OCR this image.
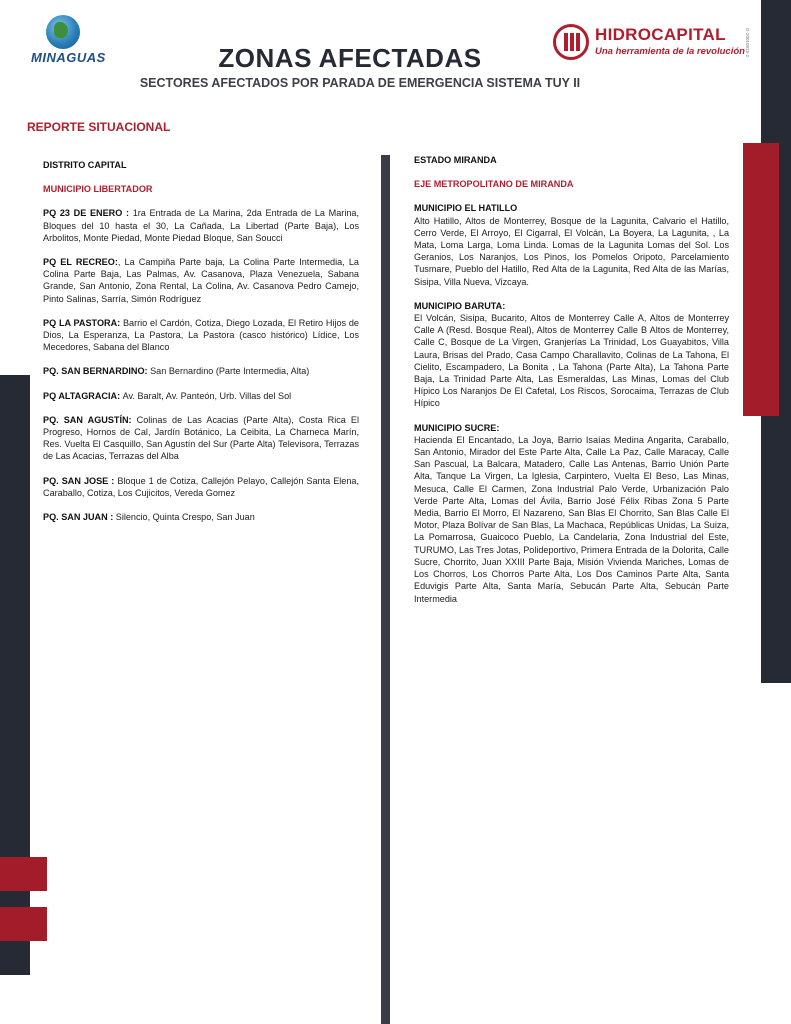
MINAGUAS
HIDROCAPITAL
Una herramienta de la revolución G-20010915-2
ZONAS AFECTADAS
SECTORES AFECTADOS POR PARADA DE EMERGENCIA SISTEMA TUY II
REPORTE SITUACIONAL
DISTRITO CAPITAL
MUNICIPIO LIBERTADOR
PQ 23 DE ENERO : 1ra Entrada de La Marina, 2da Entrada de La Marina, Bloques del 10 hasta el 30, La Cañada, La Libertad (Parte Baja), Los Arbolitos, Monte Piedad, Monte Piedad Bloque, San Soucci
PQ EL RECREO:, La Campiña Parte baja, La Colina Parte Intermedia, La Colina Parte Baja, Las Palmas, Av. Casanova, Plaza Venezuela, Sabana Grande, San Antonio, Zona Rental, La Colina, Av. Casanova Pedro Camejo, Pinto Salinas, Sarría, Simón Rodríguez
PQ LA PASTORA: Barrio el Cardón, Cotiza, Diego Lozada, El Retiro Hijos de Dios, La Esperanza, La Pastora, La Pastora (casco histórico) Lídice, Los Mecedores, Sabana del Blanco
PQ. SAN BERNARDINO: San Bernardino (Parte Intermedia, Alta)
PQ ALTAGRACIA: Av. Baralt, Av. Panteón, Urb. Villas del Sol
PQ. SAN AGUSTÍN: Colinas de Las Acacias (Parte Alta), Costa Rica El Progreso, Hornos de Cal, Jardín Botánico, La Ceibita, La Charneca Marín, Res. Vuelta El Casquillo, San Agustín del Sur (Parte Alta) Televisora, Terrazas de Las Acacias, Terrazas del Alba
PQ. SAN JOSE : Bloque 1 de Cotiza, Callejón Pelayo, Callejón Santa Elena, Caraballo, Cotiza, Los Cujicitos, Vereda Gomez
PQ. SAN JUAN : Silencio, Quinta Crespo, San Juan
ESTADO MIRANDA
EJE METROPOLITANO DE MIRANDA
MUNICIPIO EL HATILLO
Alto Hatillo, Altos de Monterrey, Bosque de la Lagunita, Calvario el Hatillo, Cerro Verde, El Arroyo, El Cigarral, El Volcán, La Boyera, La Lagunita, , La Mata, Loma Larga, Loma Linda. Lomas de la Lagunita Lomas del Sol. Los Geranios, Los Naranjos, Los Pinos, los Pomelos Oripoto, Parcelamiento Tusmare, Pueblo del Hatillo, Red Alta de la Lagunita, Red Alta de las Marías, Sisipa, Villa Nueva, Vizcaya.
MUNICIPIO BARUTA:
El Volcán, Sisipa, Bucarito, Altos de Monterrey Calle A, Altos de Monterrey Calle A (Resd. Bosque Real), Altos de Monterrey Calle B Altos de Monterrey, Calle C, Bosque de La Virgen, Granjerías La Trinidad, Los Guayabitos, Villa Laura, Brisas del Prado, Casa Campo Charallavito, Colinas de La Tahona, El Cielito, Escampadero, La Bonita , La Tahona (Parte Alta), La Tahona Parte Baja, La Trinidad Parte Alta, Las Esmeraldas, Las Minas, Lomas del Club Hípico Los Naranjos De El Cafetal, Los Riscos, Sorocaima, Terrazas de Club Hípico
MUNICIPIO SUCRE:
Hacienda El Encantado, La Joya, Barrio Isaías Medina Angarita, Caraballo, San Antonio, Mirador del Este Parte Alta, Calle La Paz, Calle Maracay, Calle San Pascual, La Balcara, Matadero, Calle Las Antenas, Barrio Unión Parte Alta, Tanque La Virgen, La Iglesia, Carpintero, Vuelta El Beso, Las Minas, Mesuca, Calle El Carmen, Zona Industrial Palo Verde, Urbanización Palo Verde Parte Alta, Lomas del Ávila, Barrio José Félix Ribas Zona 5 Parte Media, Barrio El Morro, El Nazareno, San Blas El Chorrito, San Blas Calle El Motor, Plaza Bolívar de San Blas, La Machaca, Repúblicas Unidas, La Suiza, La Pomarrosa, Guaicoco Pueblo, La Candelaria, Zona Industrial del Este, TURUMO, Las Tres Jotas, Polideportivo, Primera Entrada de la Dolorita, Calle Sucre, Chorrito, Juan XXIII Parte Baja, Misión Vivienda Mariches, Lomas de Los Chorros, Los Chorros Parte Alta, Los Dos Caminos Parte Alta, Santa Eduvigis Parte Alta, Santa María, Sebucán Parte Alta, Sebucán Parte Intermedia
